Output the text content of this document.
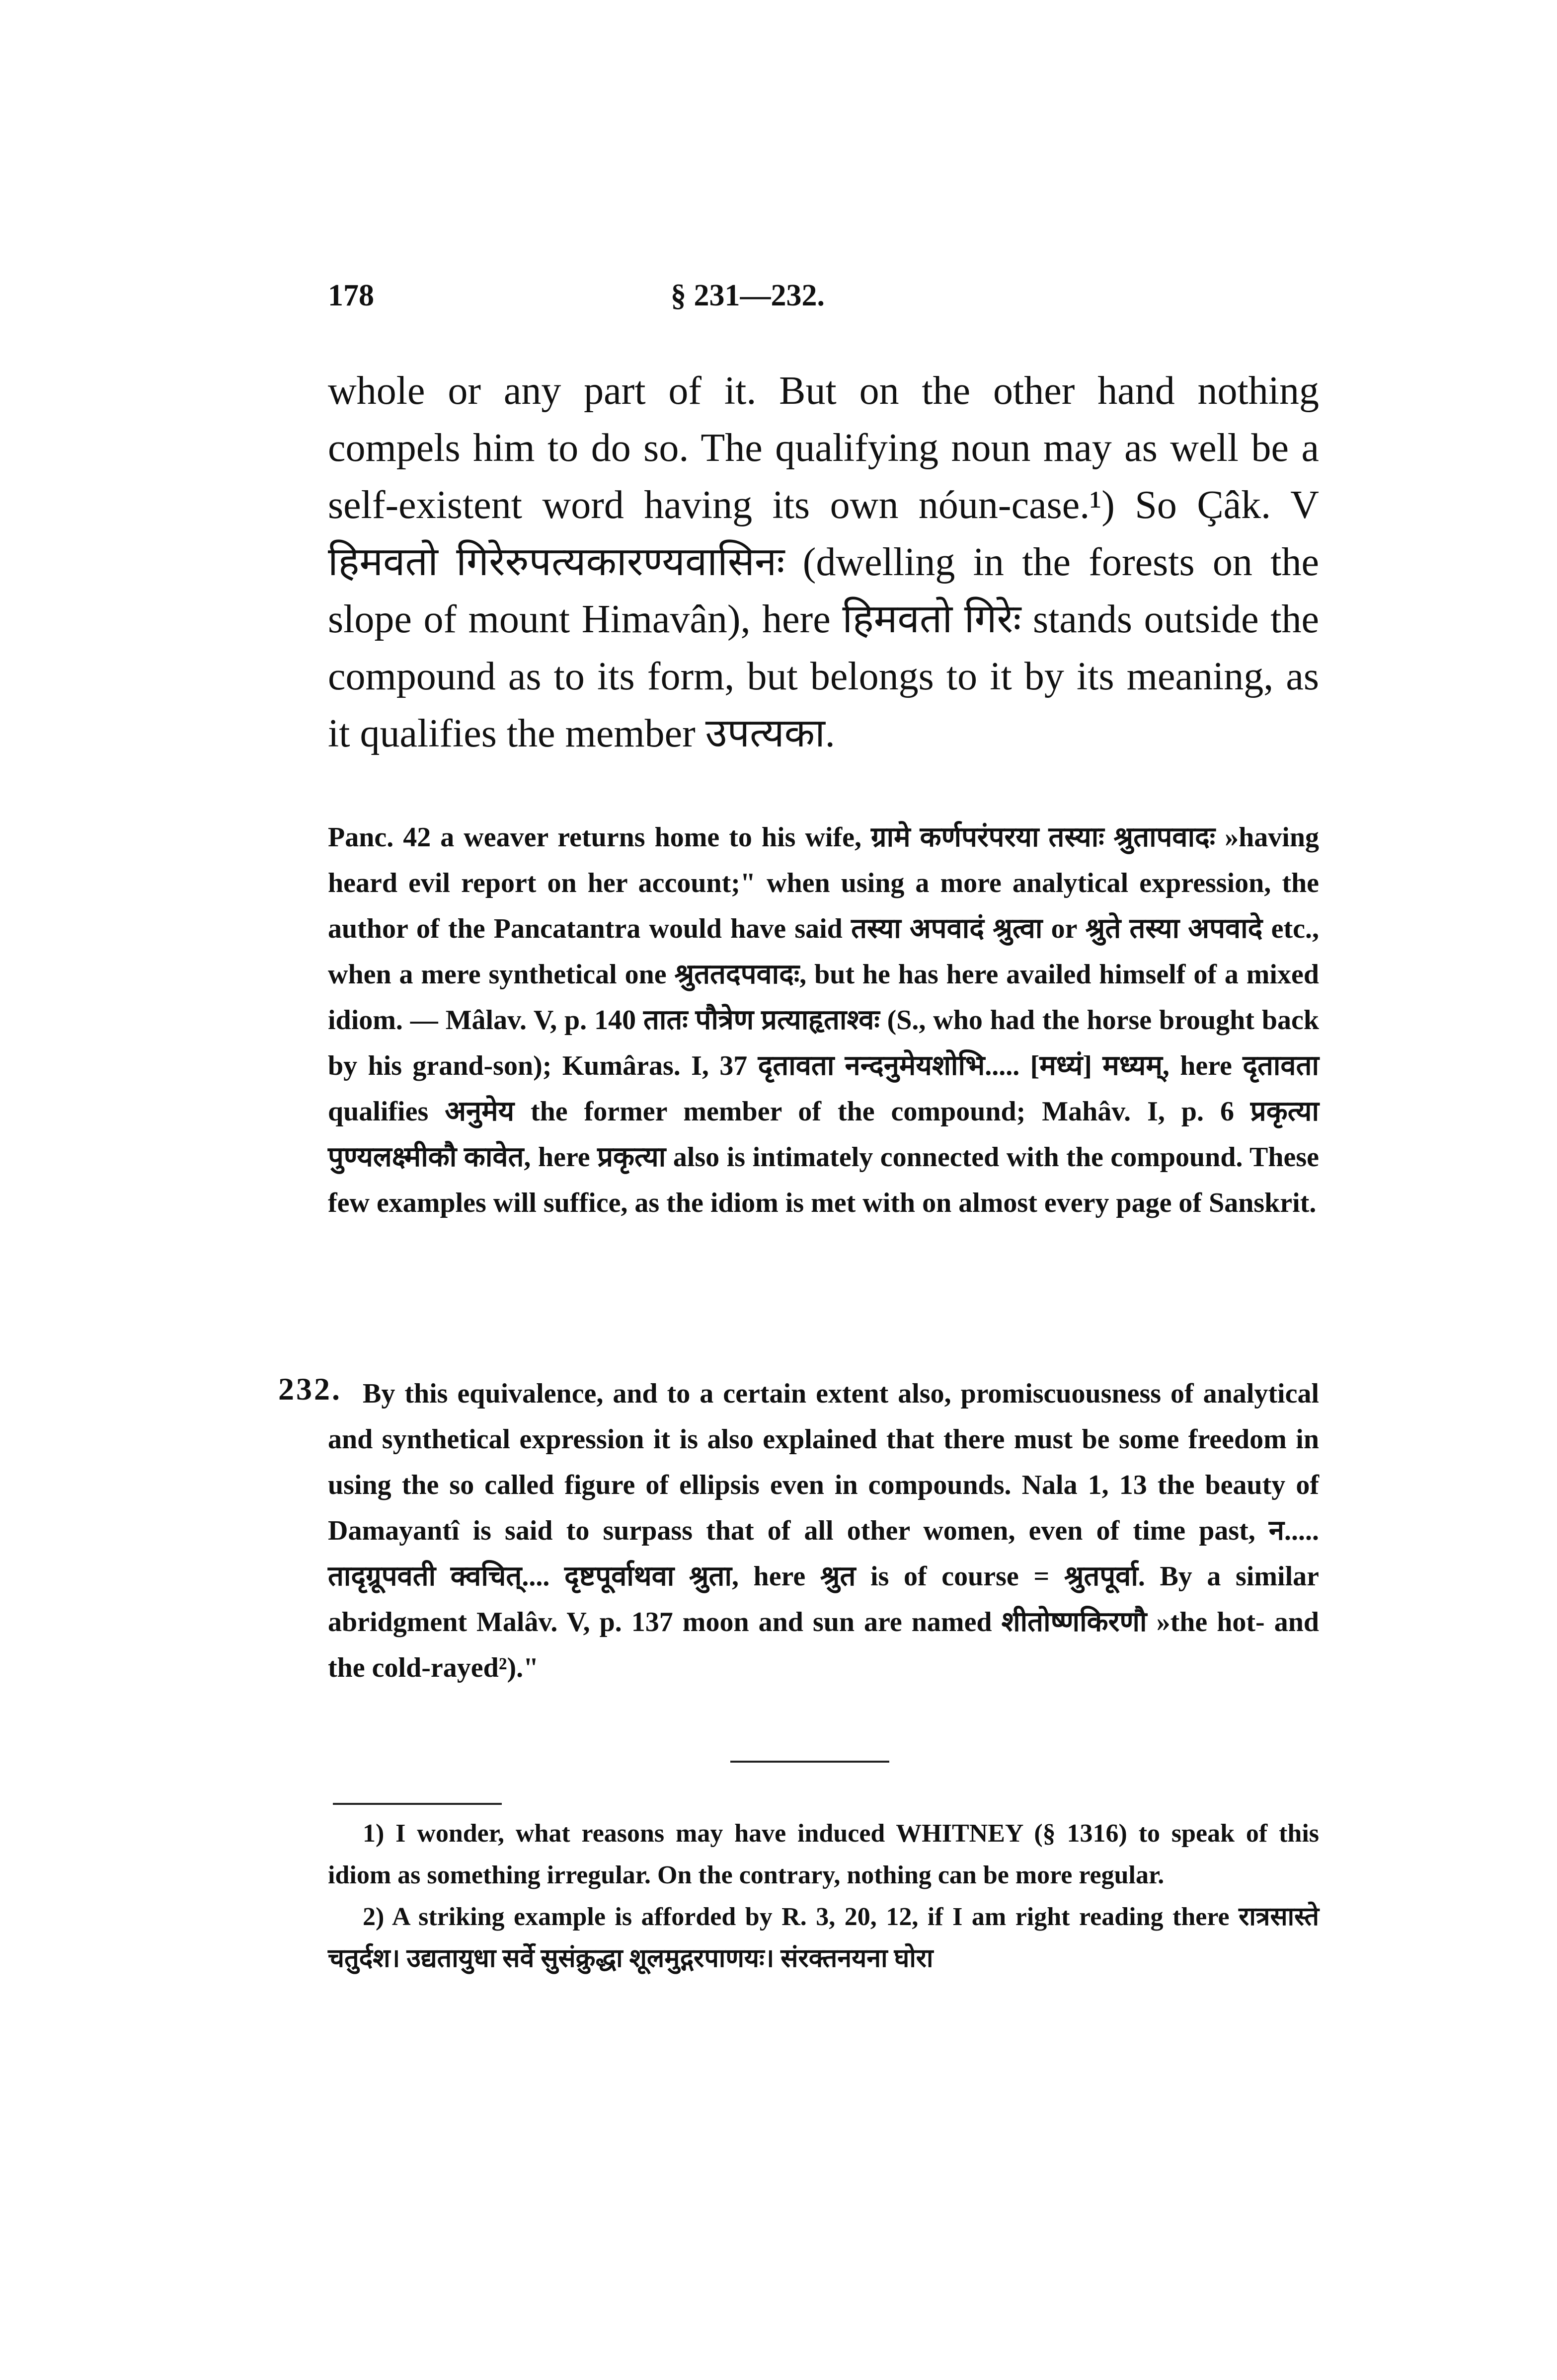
178	§ 231—232.

whole or any part of it. But on the other hand nothing compels him to do so. The qualifying noun may as well be a self-existent word having its own nóun-case.¹) So Çâk. V हिमवतो गिरेरुपत्यकारण्यवासिनः (dwelling in the forests on the slope of mount Himavân), here हिमवतो गिरेः stands outside the compound as to its form, but belongs to it by its meaning, as it qualifies the member उपत्यका.

Panc. 42 a weaver returns home to his wife, ग्रामे कर्णपरंपरया तस्याः श्रुतापवादः »having heard evil report on her account;" when using a more analytical expression, the author of the Pancatantra would have said तस्या अपवादं श्रुत्वा or श्रुते तस्या अपवादे etc., when a mere synthetical one श्रुततदपवादः, but he has here availed himself of a mixed idiom. — Mâlav. V, p. 140 तातः पौत्रेण प्रत्याहृताश्वः (S., who had the horse brought back by his grand-son); Kumâras. I, 37 दृतावता नन्दनुमेयशोभि..... [मध्यं] मध्यम्, here दृतावता qualifies अनुमेय the former member of the compound; Mahâv. I, p. 6 प्रकृत्या पुण्यलक्ष्मीकौ कावेत, here प्रकृत्या also is intimately connected with the compound. These few examples will suffice, as the idiom is met with on almost every page of Sanskrit.

232. By this equivalence, and to a certain extent also, promiscuousness of analytical and synthetical expression it is also explained that there must be some freedom in using the so called figure of ellipsis even in compounds. Nala 1, 13 the beauty of Damayantî is said to surpass that of all other women, even of time past, न..... तादृग्रूपवती क्वचित्.... दृष्टपूर्वाथवा श्रुता, here श्रुत is of course = श्रुतपूर्वा. By a similar abridgment Malâv. V, p. 137 moon and sun are named शीतोष्णकिरणौ »the hot- and the cold-rayed²)."

1) I wonder, what reasons may have induced WHITNEY (§ 1316) to speak of this idiom as something irregular. On the contrary, nothing can be more regular.

2) A striking example is afforded by R. 3, 20, 12, if I am right reading there रात्रसास्ते चतुर्दश। उद्यतायुधा सर्वे सुसंक्रुद्धा शूलमुद्गरपाणयः। संरक्तनयना घोरा
